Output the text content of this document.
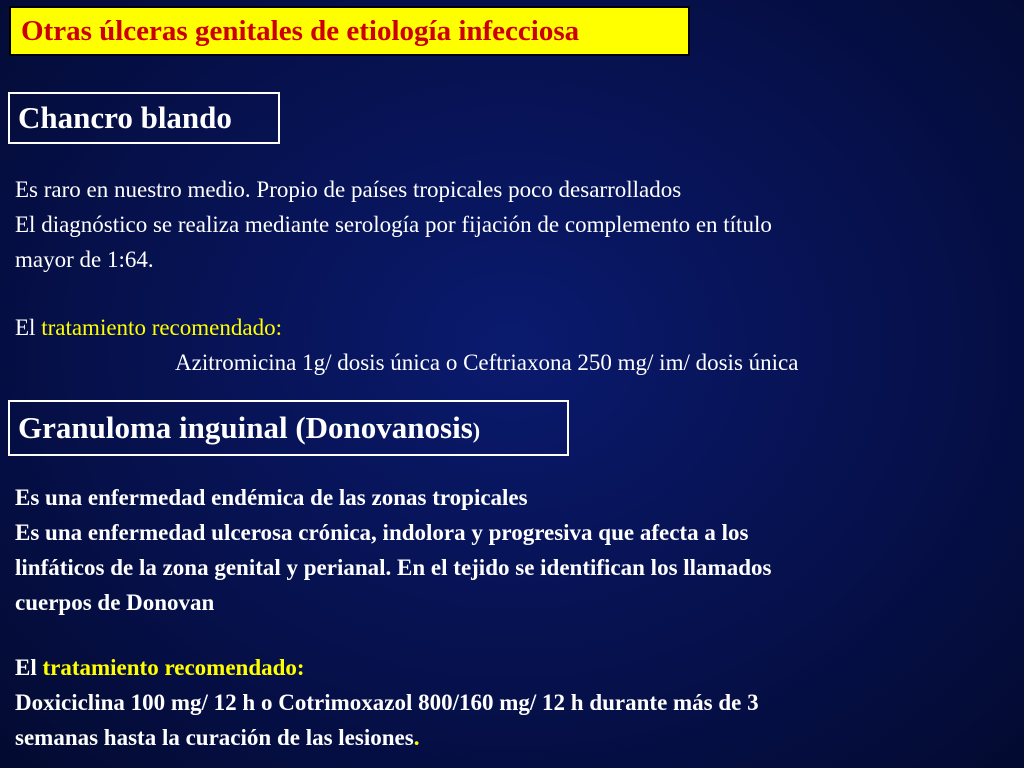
Otras úlceras genitales de etiología infecciosa
Chancro blando
Es raro en nuestro medio. Propio de países tropicales poco desarrollados
El diagnóstico se realiza mediante serología por fijación de complemento en título
mayor de 1:64.
El tratamiento recomendado:
Azitromicina 1g/ dosis única o Ceftriaxona 250 mg/ im/ dosis única
Granuloma inguinal (Donovanosis)
Es una enfermedad endémica de las zonas tropicales
Es una enfermedad ulcerosa crónica, indolora y progresiva que afecta a los
linfáticos de la zona genital y perianal. En el tejido se identifican los llamados
cuerpos de Donovan
El tratamiento recomendado:
Doxiciclina 100 mg/ 12 h o Cotrimoxazol 800/160 mg/ 12 h durante más de 3
semanas hasta la curación de las lesiones.
